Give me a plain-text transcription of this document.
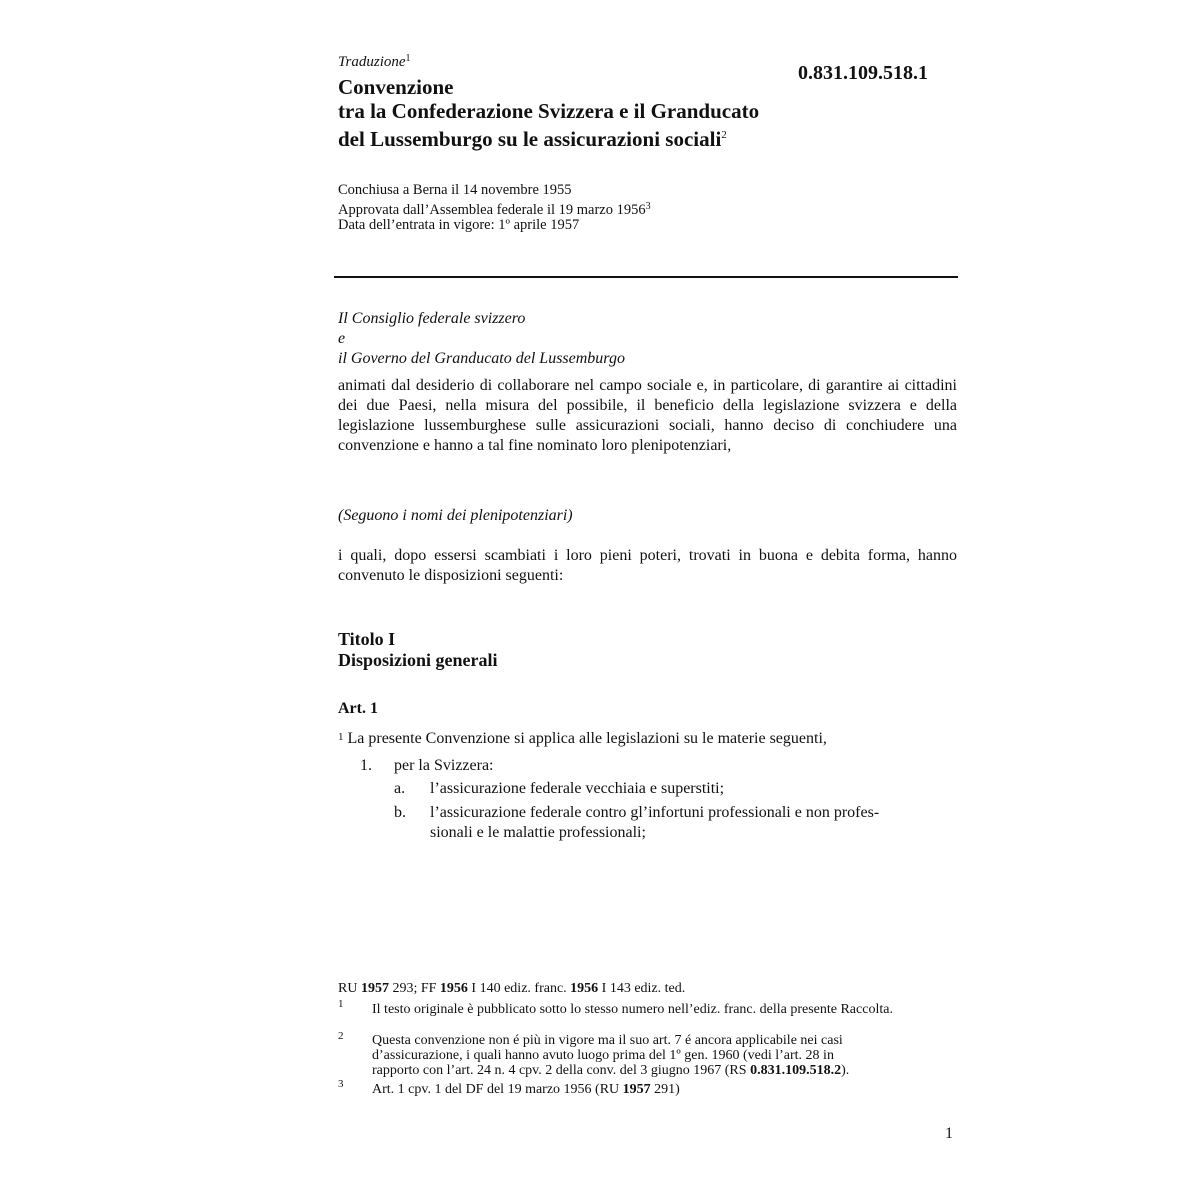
Traduzione$^1$
0.831.109.518.1
Convenzione
tra la Confederazione Svizzera e il Granducato
del Lussemburgo su le assicurazioni sociali$^2$
Conchiusa a Berna il 14 novembre 1955
Approvata dall’Assemblea federale il 19 marzo 1956$^3$
Data dell’entrata in vigore: 1º aprile 1957
Il Consiglio federale svizzero
e
il Governo del Granducato del Lussemburgo
animati dal desiderio di collaborare nel campo sociale e, in particolare, di garantire ai cittadini dei due Paesi, nella misura del possibile, il beneficio della legislazione svizzera e della legislazione lussemburghese sulle assicurazioni sociali, hanno deciso di conchiudere una convenzione e hanno a tal fine nominato loro plenipotenziari,
(Seguono i nomi dei plenipotenziari)
i quali, dopo essersi scambiati i loro pieni poteri, trovati in buona e debita forma, hanno convenuto le disposizioni seguenti:
Titolo I
Disposizioni generali
Art. 1
1 La presente Convenzione si applica alle legislazioni su le materie seguenti,
1. per la Svizzera:
a. l’assicurazione federale vecchiaia e superstiti;
b. l’assicurazione federale contro gl’infortuni professionali e non profes-
sionali e le malattie professionali;
RU 1957 293; FF 1956 I 140 ediz. franc. 1956 I 143 ediz. ted.
1 Il testo originale è pubblicato sotto lo stesso numero nell’ediz. franc. della presente Raccolta.
2 Questa convenzione non é più in vigore ma il suo art. 7 é ancora applicabile nei casi
d’assicurazione, i quali hanno avuto luogo prima del 1º gen. 1960 (vedi l’art. 28 in
rapporto con l’art. 24 n. 4 cpv. 2 della conv. del 3 giugno 1967 (RS 0.831.109.518.2).
3 Art. 1 cpv. 1 del DF del 19 marzo 1956 (RU 1957 291)
1
